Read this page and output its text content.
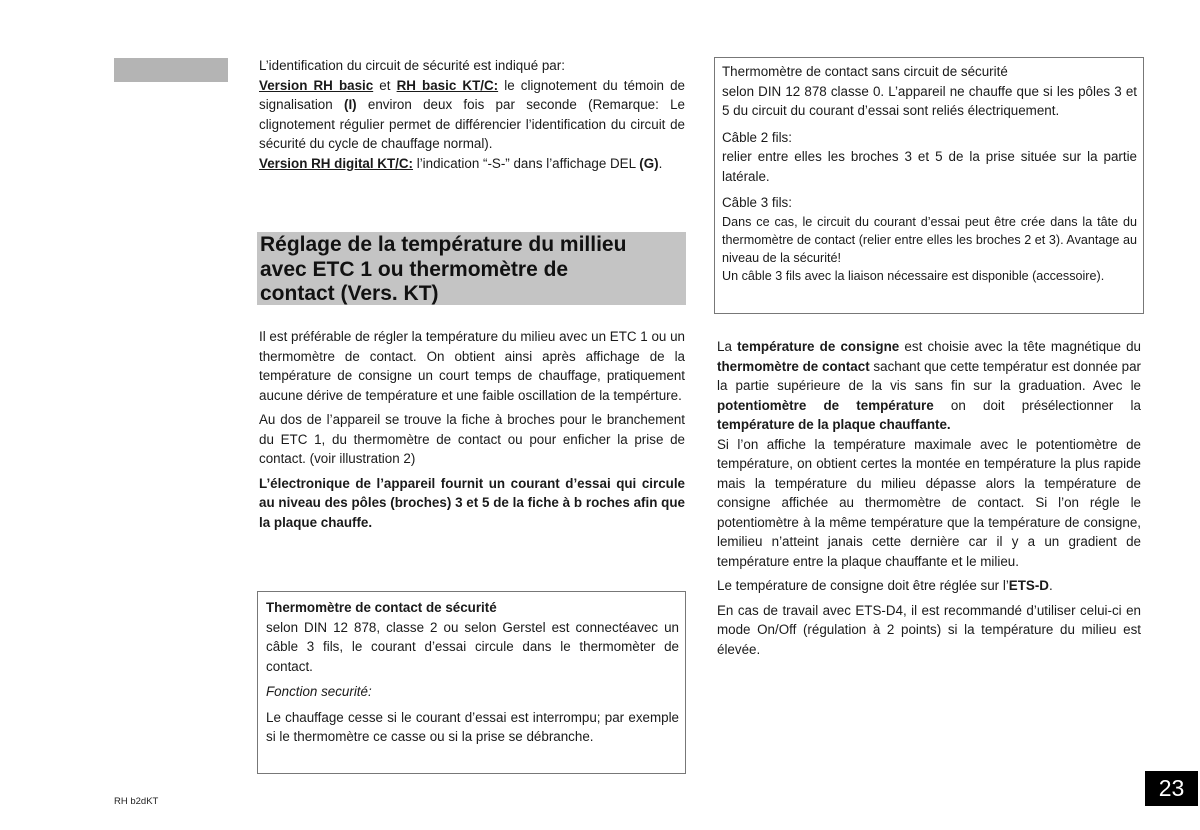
L’identification du circuit de sécurité est indiqué par:

Version RH basic et RH basic KT/C: le clignotement du témoin de signalisation (I) environ deux fois par seconde (Remarque: Le clignotement régulier permet de différencier l’identification du circuit de sécurité du cycle de chauffage normal).

Version RH digital KT/C: l’indication “-S-” dans l’affichage DEL (G).

Réglage de la température du millieu
avec ETC 1 ou thermomètre de
contact (Vers. KT)

Il est préférable de régler la température du milieu avec un ETC 1 ou un thermomètre de contact. On obtient ainsi après affichage de la température de consigne un court temps de chauffage, pratiquement aucune dérive de température et une faible oscillation de la tempérture.

Au dos de l’appareil se trouve la fiche à broches pour le branchement du ETC 1, du thermomètre de contact ou pour enficher la prise de contact. (voir illustration 2)

L’électronique de l’appareil fournit un courant d’essai qui circule au niveau des pôles (broches) 3 et 5 de la fiche à b roches afin que la plaque chauffe.

Thermomètre de contact de sécurité

selon DIN 12 878, classe 2 ou selon Gerstel est connectéavec un câble 3 fils, le courant d’essai circule dans le thermomèter de contact.

Fonction securité:

Le chauffage cesse si le courant d’essai est interrompu; par exemple si le thermomètre ce casse ou si la prise se débranche.

Thermomètre de contact sans circuit de sécurité

selon DIN 12 878 classe 0. L’appareil ne chauffe que si les pôles 3 et 5 du circuit du courant d’essai sont reliés électriquement.

Câble 2 fils:

relier entre elles les broches 3 et 5 de la prise située sur la partie latérale.

Câble 3 fils:

Dans ce cas, le circuit du courant d’essai peut être crée dans la tâte du thermomètre de contact (relier entre elles les broches 2 et 3). Avantage au niveau de la sécurité!

Un câble 3 fils avec la liaison nécessaire est disponible (accessoire).

La température de consigne est choisie avec la tête magnétique du thermomètre de contact sachant que cette températur est donnée par la partie supérieure de la vis sans fin sur la graduation. Avec le potentiomètre de température on doit présélectionner la température de la plaque chauffante.

Si l’on affiche la température maximale avec le potentiomètre de température, on obtient certes la montée en température la plus rapide mais la température du milieu dépasse alors la température de consigne affichée au thermomètre de contact. Si l’on régle le potentiomètre à la même température que la température de consigne, lemilieu n’atteint janais cette dernière car il y a un gradient de température entre la plaque chauffante et le milieu.

Le température de consigne doit être réglée sur l’ETS-D.

En cas de travail avec ETS-D4, il est recommandé d’utiliser celui-ci en mode On/Off (régulation à 2 points) si la température du milieu est élevée.

RH b2dKT
23
